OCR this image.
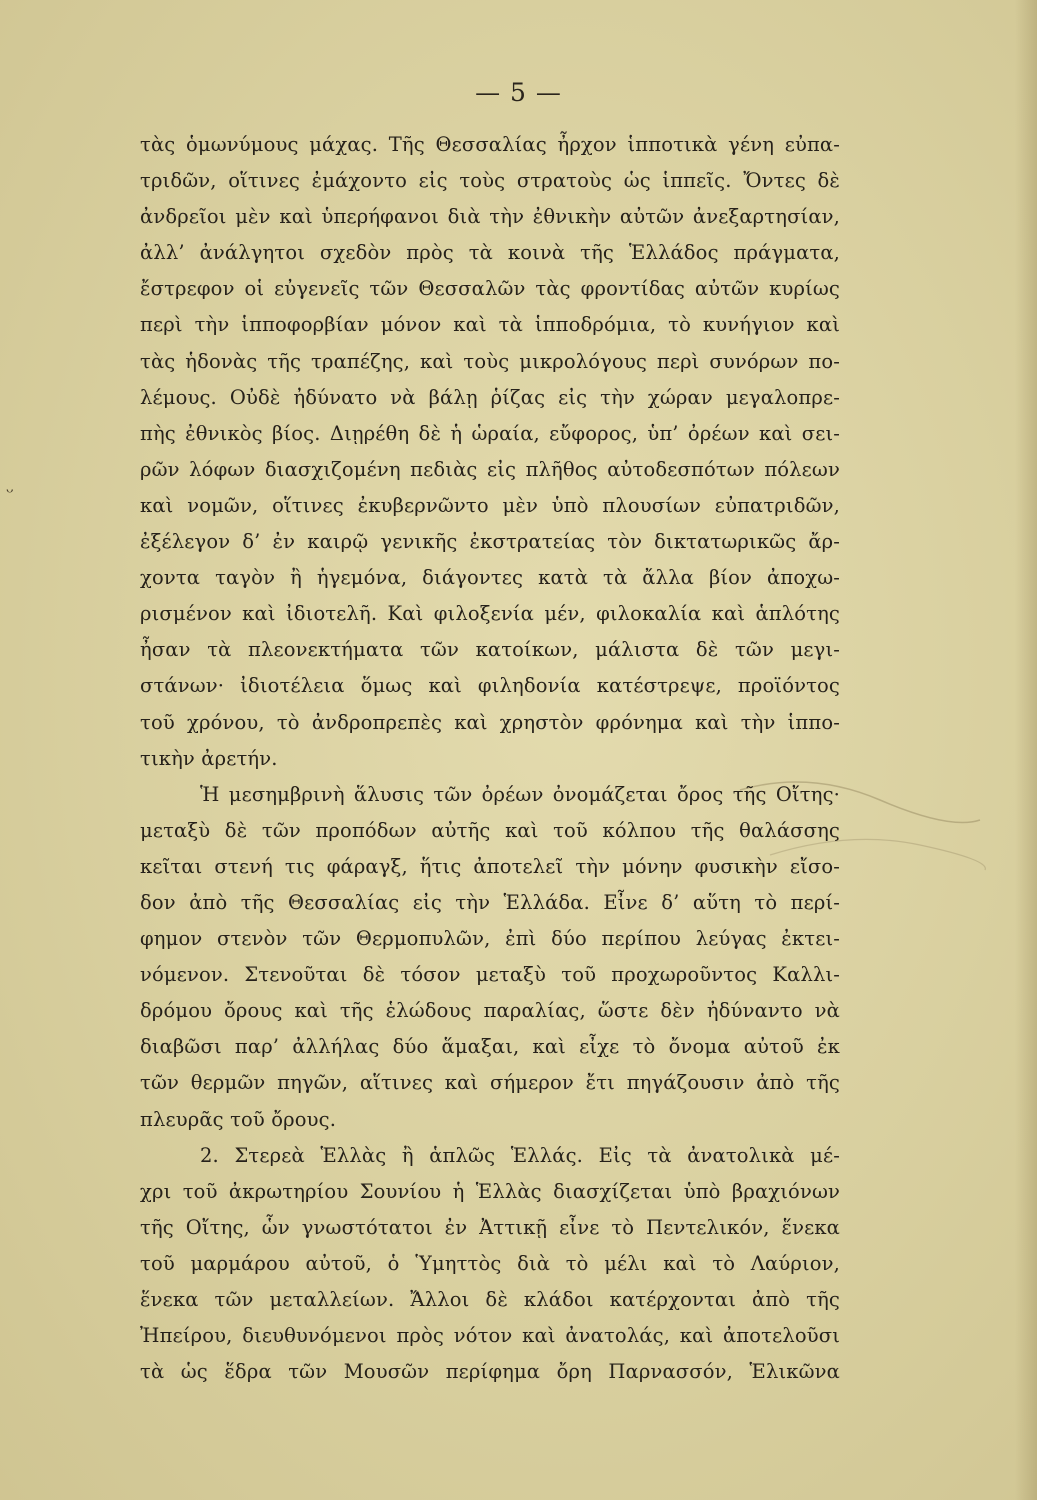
ᵕ
— 5 —
τὰς ὁμωνύμους μάχας. Τῆς Θεσσαλίας ἦρχον ἱπποτικὰ γένη εὐπα-
τριδῶν, οἵτινες ἐμάχοντο εἰς τοὺς στρατοὺς ὡς ἱππεῖς. Ὄντες δὲ
ἀνδρεῖοι μὲν καὶ ὑπερήφανοι διὰ τὴν ἐθνικὴν αὐτῶν ἀνεξαρτησίαν,
ἀλλ’ ἀνάλγητοι σχεδὸν πρὸς τὰ κοινὰ τῆς Ἑλλάδος πράγματα,
ἔστρεφον οἱ εὐγενεῖς τῶν Θεσσαλῶν τὰς φροντίδας αὐτῶν κυρίως
περὶ τὴν ἱπποφορβίαν μόνον καὶ τὰ ἱπποδρόμια, τὸ κυνήγιον καὶ
τὰς ἡδονὰς τῆς τραπέζης, καὶ τοὺς μικρολόγους περὶ συνόρων πο-
λέμους. Οὐδὲ ἠδύνατο νὰ βάλῃ ῥίζας εἰς τὴν χώραν μεγαλοπρε-
πὴς ἐθνικὸς βίος. Διῃρέθη δὲ ἡ ὡραία, εὔφορος, ὑπ’ ὀρέων καὶ σει-
ρῶν λόφων διασχιζομένη πεδιὰς εἰς πλῆθος αὐτοδεσπότων πόλεων
καὶ νομῶν, οἵτινες ἐκυβερνῶντο μὲν ὑπὸ πλουσίων εὐπατριδῶν,
ἐξέλεγον δ’ ἐν καιρῷ γενικῆς ἐκστρατείας τὸν δικτατωρικῶς ἄρ-
χοντα ταγὸν ἢ ἡγεμόνα, διάγοντες κατὰ τὰ ἄλλα βίον ἀποχω-
ρισμένον καὶ ἰδιοτελῆ. Καὶ φιλοξενία μέν, φιλοκαλία καὶ ἁπλότης
ἦσαν τὰ πλεονεκτήματα τῶν κατοίκων, μάλιστα δὲ τῶν μεγι-
στάνων· ἰδιοτέλεια ὅμως καὶ φιληδονία κατέστρεψε, προϊόντος
τοῦ χρόνου, τὸ ἀνδροπρεπὲς καὶ χρηστὸν φρόνημα καὶ τὴν ἱππο-
τικὴν ἀρετήν.
Ἡ μεσημβρινὴ ἅλυσις τῶν ὀρέων ὀνομάζεται ὄρος τῆς Οἴτης·
μεταξὺ δὲ τῶν προπόδων αὐτῆς καὶ τοῦ κόλπου τῆς θαλάσσης
κεῖται στενή τις φάραγξ, ἥτις ἀποτελεῖ τὴν μόνην φυσικὴν εἴσο-
δον ἀπὸ τῆς Θεσσαλίας εἰς τὴν Ἑλλάδα. Εἶνε δ’ αὕτη τὸ περί-
φημον στενὸν τῶν Θερμοπυλῶν, ἐπὶ δύο περίπου λεύγας ἐκτει-
νόμενον. Στενοῦται δὲ τόσον μεταξὺ τοῦ προχωροῦντος Καλλι-
δρόμου ὄρους καὶ τῆς ἑλώδους παραλίας, ὥστε δὲν ἠδύναντο νὰ
διαβῶσι παρ’ ἀλλήλας δύο ἅμαξαι, καὶ εἶχε τὸ ὄνομα αὐτοῦ ἐκ
τῶν θερμῶν πηγῶν, αἵτινες καὶ σήμερον ἔτι πηγάζουσιν ἀπὸ τῆς
πλευρᾶς τοῦ ὄρους.
2. Στερεὰ Ἑλλὰς ἢ ἁπλῶς Ἑλλάς. Εἰς τὰ ἀνατολικὰ μέ-
χρι τοῦ ἀκρωτηρίου Σουνίου ἡ Ἑλλὰς διασχίζεται ὑπὸ βραχιόνων
τῆς Οἴτης, ὧν γνωστότατοι ἐν Ἀττικῇ εἶνε τὸ Πεντελικόν, ἕνεκα
τοῦ μαρμάρου αὐτοῦ, ὁ Ὑμηττὸς διὰ τὸ μέλι καὶ τὸ Λαύριον,
ἕνεκα τῶν μεταλλείων. Ἄλλοι δὲ κλάδοι κατέρχονται ἀπὸ τῆς
Ἠπείρου, διευθυνόμενοι πρὸς νότον καὶ ἀνατολάς, καὶ ἀποτελοῦσι
τὰ ὡς ἕδρα τῶν Μουσῶν περίφημα ὄρη Παρνασσόν, Ἑλικῶνα
